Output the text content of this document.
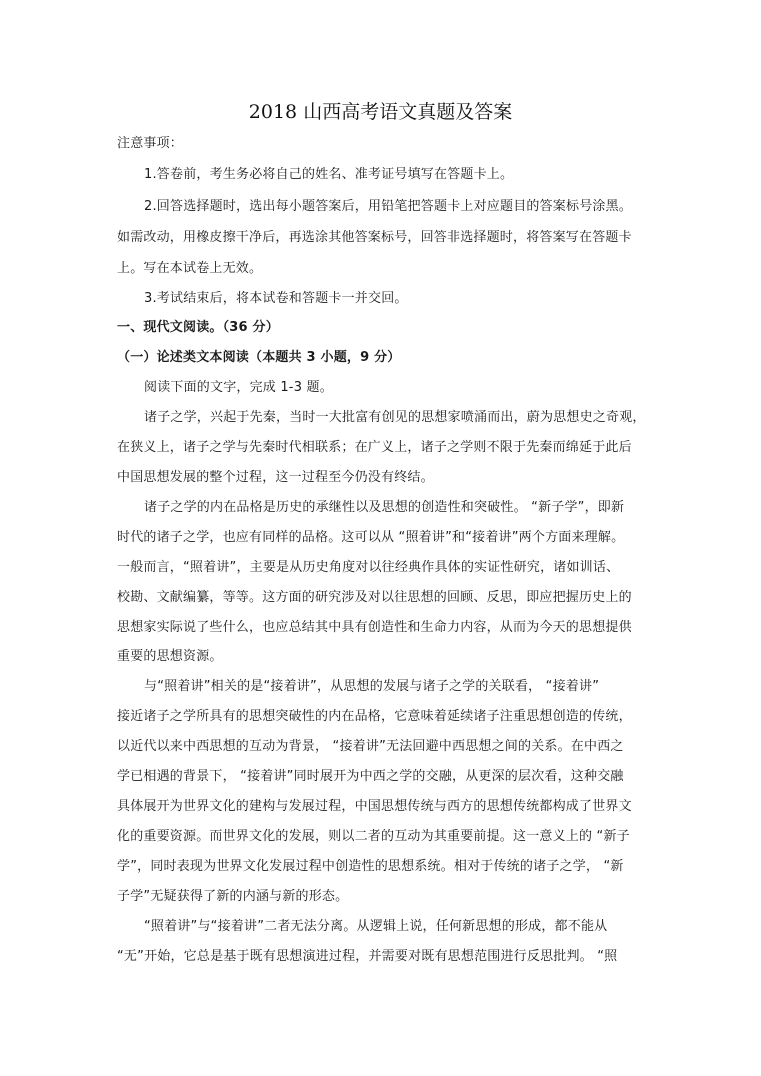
2018 山西高考语文真题及答案
注意事项：
1.答卷前，考生务必将自己的姓名、准考证号填写在答题卡上。
2.回答选择题时，选出每小题答案后，用铅笔把答题卡上对应题目的答案标号涂黑。
如需改动，用橡皮擦干净后，再选涂其他答案标号，回答非选择题时，将答案写在答题卡
上。写在本试卷上无效。
3.考试结束后，将本试卷和答题卡一并交回。
一、现代文阅读。（36 分）
（一）论述类文本阅读（本题共 3 小题，9 分）
阅读下面的文字，完成 1-3 题。
诸子之学，兴起于先秦，当时一大批富有创见的思想家喷涌而出，蔚为思想史之奇观，
在狭义上，诸子之学与先秦时代相联系；在广义上，诸子之学则不限于先秦而绵延于此后
中国思想发展的整个过程，这一过程至今仍没有终结。
诸子之学的内在品格是历史的承继性以及思想的创造性和突破性。 “新子学”，即新
时代的诸子之学，也应有同样的品格。这可以从 “照着讲”和“接着讲”两个方面来理解。
一般而言，“照着讲”，主要是从历史角度对以往经典作具体的实证性研究，诸如训话、
校勘、文献编纂，等等。这方面的研究涉及对以往思想的回顾、反思，即应把握历史上的
思想家实际说了些什么，也应总结其中具有创造性和生命力内容，从而为今天的思想提供
重要的思想资源。
与“照着讲”相关的是“接着讲”，从思想的发展与诸子之学的关联看， “接着讲”
接近诸子之学所具有的思想突破性的内在品格，它意味着延续诸子注重思想创造的传统，
以近代以来中西思想的互动为背景， “接着讲”无法回避中西思想之间的关系。在中西之
学已相遇的背景下， “接着讲”同时展开为中西之学的交融，从更深的层次看，这种交融
具体展开为世界文化的建构与发展过程，中国思想传统与西方的思想传统都构成了世界文
化的重要资源。而世界文化的发展，则以二者的互动为其重要前提。这一意义上的 “新子
学”，同时表现为世界文化发展过程中创造性的思想系统。相对于传统的诸子之学， “新
子学”无疑获得了新的内涵与新的形态。
“照着讲”与“接着讲”二者无法分离。从逻辑上说，任何新思想的形成，都不能从
“无”开始，它总是基于既有思想演进过程，并需要对既有思想范围进行反思批判。 “照
